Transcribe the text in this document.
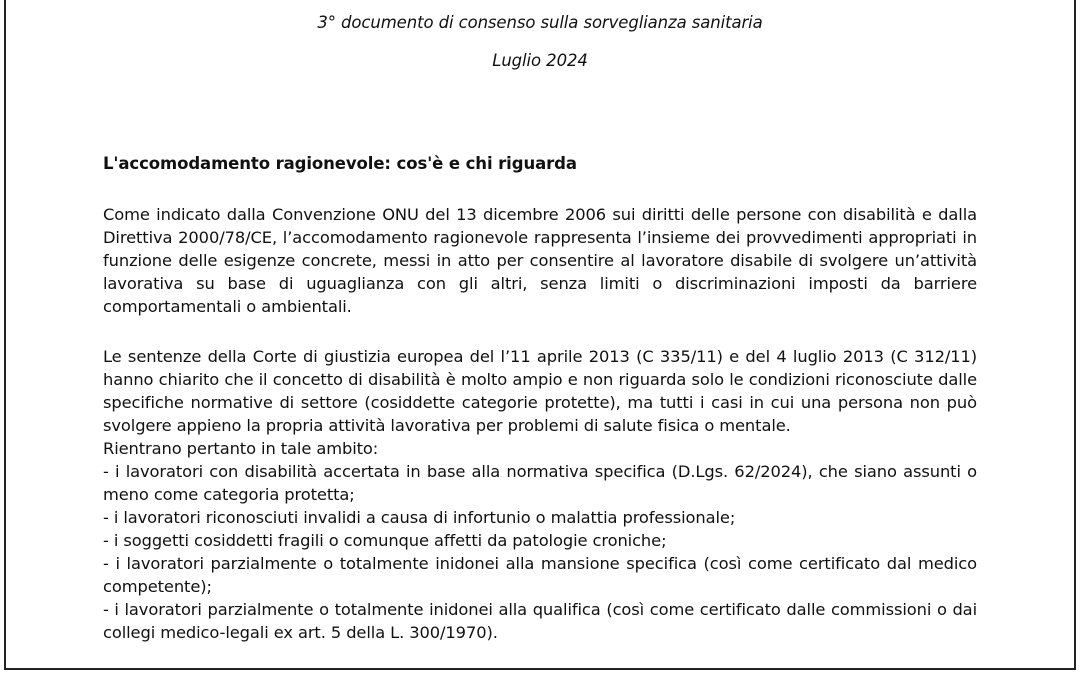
3° documento di consenso sulla sorveglianza sanitaria
Luglio 2024
L'accomodamento ragionevole: cos'è e chi riguarda
Come indicato dalla Convenzione ONU del 13 dicembre 2006 sui diritti delle persone con disabilità e dalla
Direttiva 2000/78/CE, l’accomodamento ragionevole rappresenta l’insieme dei provvedimenti appropriati in
funzione delle esigenze concrete, messi in atto per consentire al lavoratore disabile di svolgere un’attività
lavorativa su base di uguaglianza con gli altri, senza limiti o discriminazioni imposti da barriere
comportamentali o ambientali.
Le sentenze della Corte di giustizia europea del l’11 aprile 2013 (C 335/11) e del 4 luglio 2013 (C 312/11)
hanno chiarito che il concetto di disabilità è molto ampio e non riguarda solo le condizioni riconosciute dalle
specifiche normative di settore (cosiddette categorie protette), ma tutti i casi in cui una persona non può
svolgere appieno la propria attività lavorativa per problemi di salute fisica o mentale.
Rientrano pertanto in tale ambito:
- i lavoratori con disabilità accertata in base alla normativa specifica (D.Lgs. 62/2024), che siano assunti o
meno come categoria protetta;
- i lavoratori riconosciuti invalidi a causa di infortunio o malattia professionale;
- i soggetti cosiddetti fragili o comunque affetti da patologie croniche;
- i lavoratori parzialmente o totalmente inidonei alla mansione specifica (così come certificato dal medico
competente);
- i lavoratori parzialmente o totalmente inidonei alla qualifica (così come certificato dalle commissioni o dai
collegi medico-legali ex art. 5 della L. 300/1970).
